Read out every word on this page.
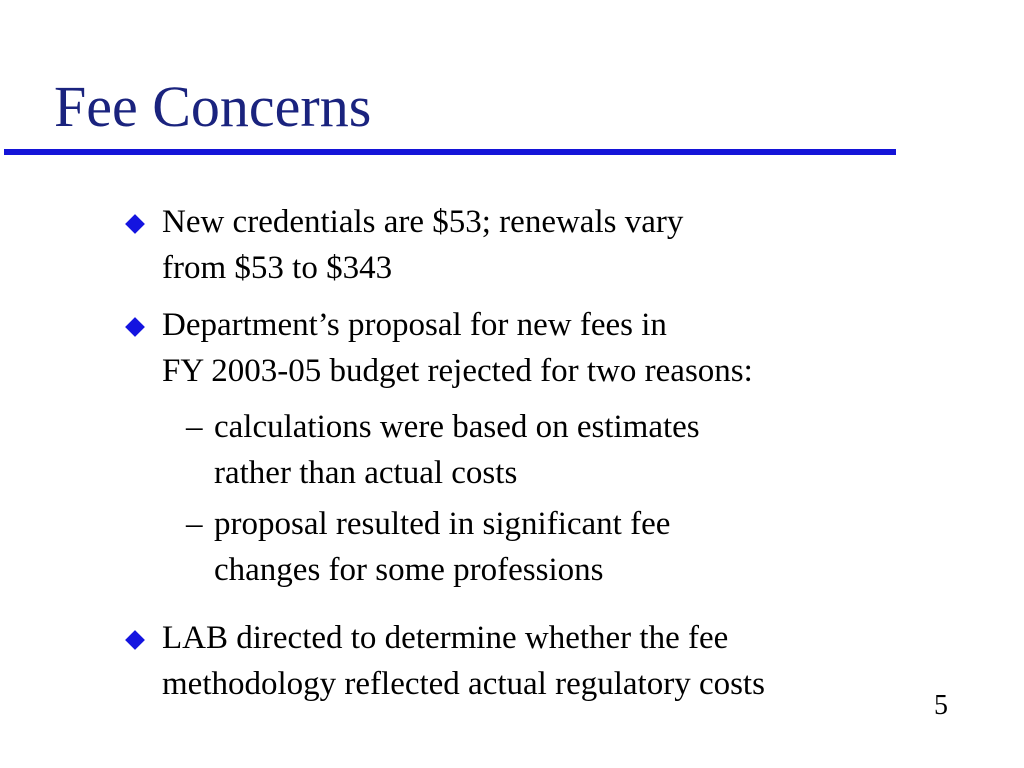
Fee Concerns
New credentials are $53; renewals vary
from $53 to $343
Department’s proposal for new fees in
FY 2003-05 budget rejected for two reasons:
– calculations were based on estimates
rather than actual costs
– proposal resulted in significant fee
changes for some professions
LAB directed to determine whether the fee
methodology reflected actual regulatory costs
5
